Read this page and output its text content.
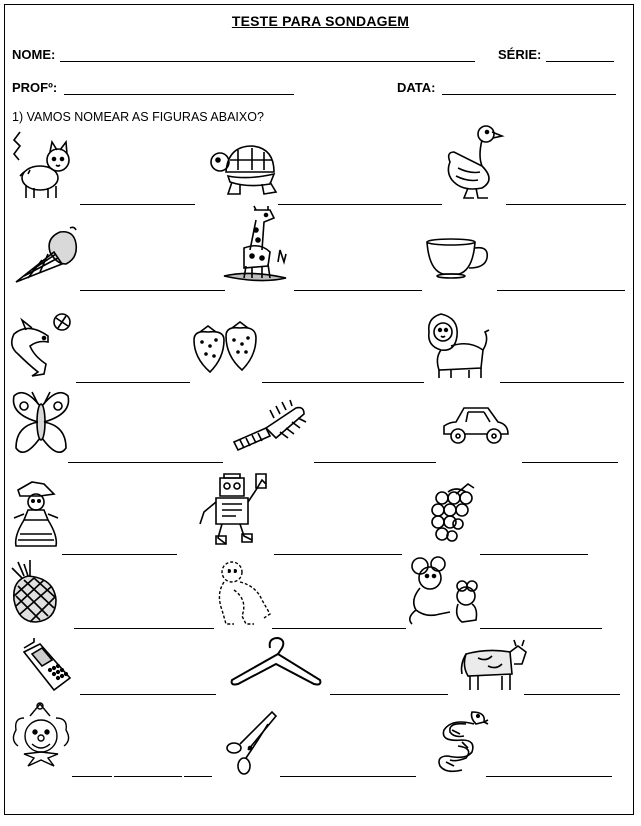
TESTE PARA SONDAGEM
NOME:	SÉRIE:
PROFº:	DATA:
1) VAMOS NOMEAR AS FIGURAS ABAIXO?
